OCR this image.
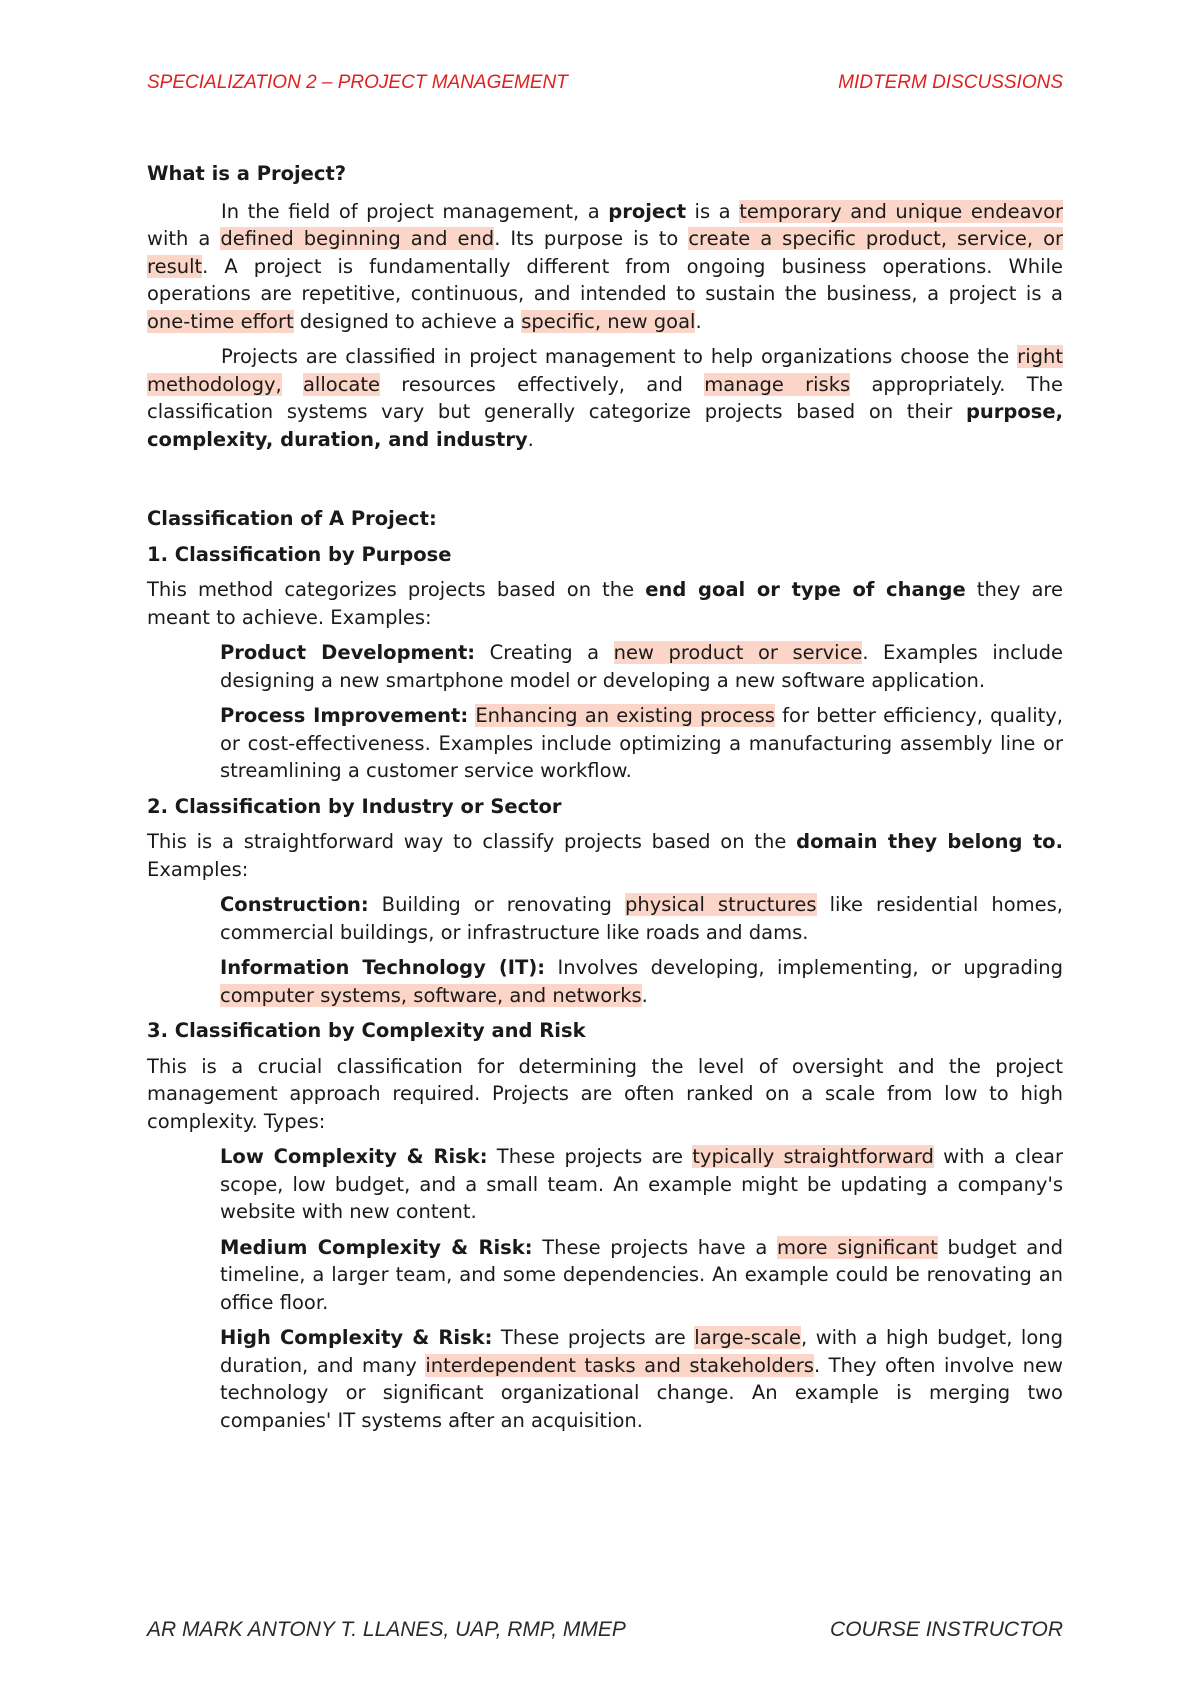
SPECIALIZATION 2 – PROJECT MANAGEMENT	MIDTERM DISCUSSIONS

What is a Project?

In the field of project management, a project is a temporary and unique endeavor with a defined beginning and end. Its purpose is to create a specific product, service, or result. A project is fundamentally different from ongoing business operations. While operations are repetitive, continuous, and intended to sustain the business, a project is a one-time effort designed to achieve a specific, new goal.

Projects are classified in project management to help organizations choose the right methodology, allocate resources effectively, and manage risks appropriately. The classification systems vary but generally categorize projects based on their purpose, complexity, duration, and industry.

Classification of A Project:

1. Classification by Purpose

This method categorizes projects based on the end goal or type of change they are meant to achieve. Examples:

Product Development: Creating a new product or service. Examples include designing a new smartphone model or developing a new software application.

Process Improvement: Enhancing an existing process for better efficiency, quality, or cost-effectiveness. Examples include optimizing a manufacturing assembly line or streamlining a customer service workflow.

2. Classification by Industry or Sector

This is a straightforward way to classify projects based on the domain they belong to. Examples:

Construction: Building or renovating physical structures like residential homes, commercial buildings, or infrastructure like roads and dams.

Information Technology (IT): Involves developing, implementing, or upgrading computer systems, software, and networks.

3. Classification by Complexity and Risk

This is a crucial classification for determining the level of oversight and the project management approach required. Projects are often ranked on a scale from low to high complexity. Types:

Low Complexity & Risk: These projects are typically straightforward with a clear scope, low budget, and a small team. An example might be updating a company's website with new content.

Medium Complexity & Risk: These projects have a more significant budget and timeline, a larger team, and some dependencies. An example could be renovating an office floor.

High Complexity & Risk: These projects are large-scale, with a high budget, long duration, and many interdependent tasks and stakeholders. They often involve new technology or significant organizational change. An example is merging two companies' IT systems after an acquisition.

AR MARK ANTONY T. LLANES, UAP, RMP, MMEP	COURSE INSTRUCTOR
